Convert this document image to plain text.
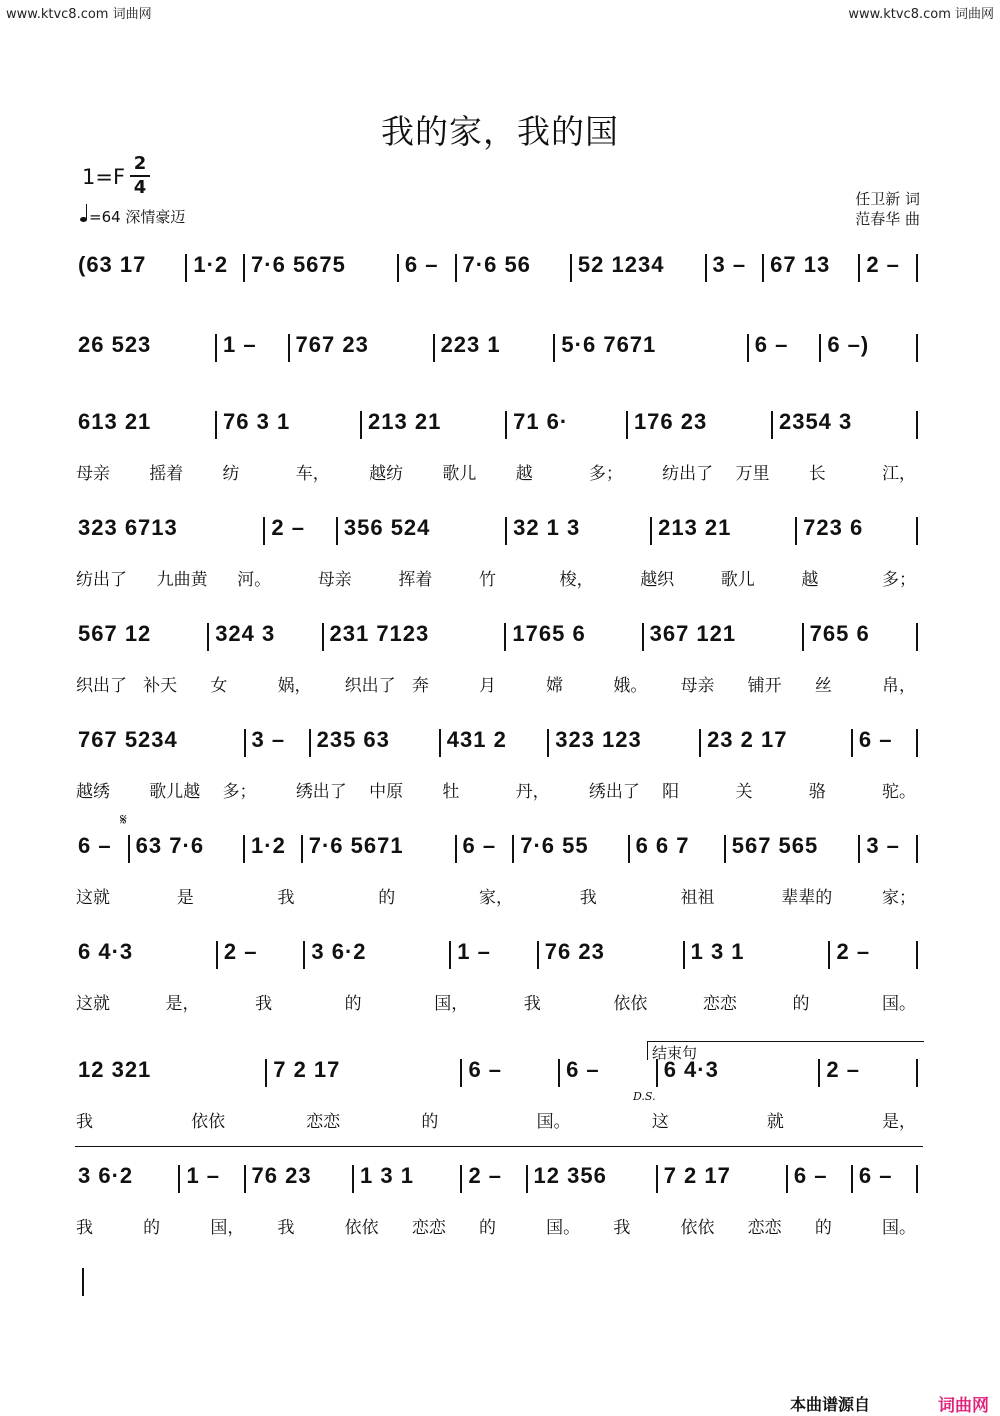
www.ktvc8.com 词曲网	www.ktvc8.com 词曲网
我的家，我的国
1=F
2
4
=64 深情豪迈
任卫新 词
范春华 曲
(63 17 1·2 7·6 5675	6 – 7·6 56 52 1234 3 – 67 13 2 –
26 523	1 – 767 23	223 1	5·6 7671	6 – 6 –)
613 21	76 3 1	213 21	71 6·	176 23	2354 3
母亲 摇着 纺	车， 越纺 歌儿 越	多； 纺出了 万里 长	江，
323 6713	2 – 356 524	32 1 3	213 21	723 6
纺出了 九曲黄 河。	母亲	挥着	竹	梭，	越织	歌儿	越	多；
567 12	324 3 231 7123	1765 6	367 121	765 6
织出了 补天 女	娲， 织出了 奔	月	嫦	娥。 母亲 铺开 丝	帛，
767 5234	3 – 235 63	431 2 323 123	23 2 17	6 –
越绣 歌儿越 多； 绣出了 中原 牡	丹， 绣出了 阳	关	骆	驼。
6 – 63 7·6 1·2 7·6 5671	6 – 7·6 55 6 6 7 567 565 3 –
这就	是	我	的	家，	我	祖祖	辈辈的	家；
6 4·3	2 – 3 6·2	1 – 76 23	1 3 1	2 –
这就	是，	我	的	国，	我	依依	恋恋	的	国。
12 321	7 2 17	6 –	6 –	6 4·3	2 –
我	依依	恋恋	的	国。	这	就	是，
3 6·2 1 – 76 23 1 3 1 2 – 12 356	7 2 17	6 – 6 –
我	的	国， 我	依依 恋恋 的	国。 我	依依 恋恋 的	国。
𝄋
D.S.
结束句
本曲谱源自	词曲网
